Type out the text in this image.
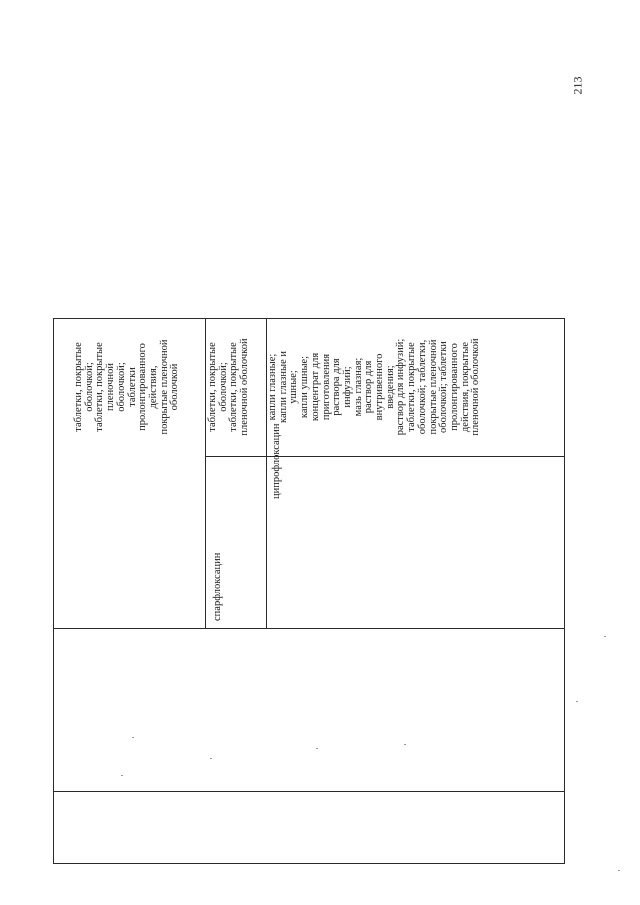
213

таблетки, покрытые оболочкой; таблетки, покрытые пленочной оболочкой; таблетки пролонгированного действия, покрытые пленочной оболочкой	таблетки, покрытые оболочкой; таблетки, покрытые пленочной оболочкой

спарфлоксацин

капли глазные; капли глазные и ушные; капли ушные; концентрат для приготовления раствора для инфузий; мазь глазная; раствор для внутривенного введения; раствор для инфузий; таблетки, покрытые оболочкой; таблетки, покрытые пленочной оболочкой; таблетки пролонгированного действия, покрытые пленочной оболочкой

ципрофлоксацин
